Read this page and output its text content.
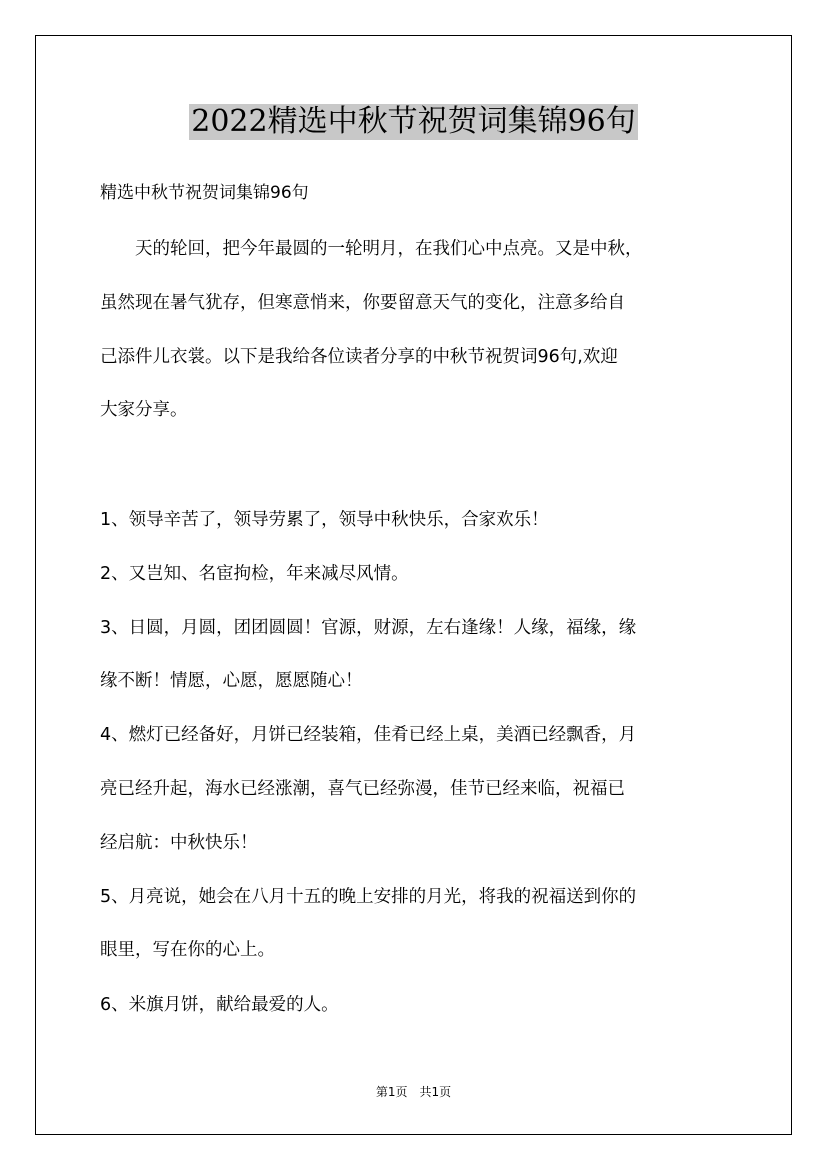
2022精选中秋节祝贺词集锦96句
精选中秋节祝贺词集锦96句
　　天的轮回，把今年最圆的一轮明月，在我们心中点亮。又是中秋，
虽然现在暑气犹存，但寒意悄来，你要留意天气的变化，注意多给自
己添件儿衣裳。以下是我给各位读者分享的中秋节祝贺词96句,欢迎
大家分享。
1、领导辛苦了，领导劳累了，领导中秋快乐，合家欢乐！
2、又岂知、名宦拘检，年来减尽风情。
3、日圆，月圆，团团圆圆！官源，财源，左右逢缘！人缘，福缘，缘
缘不断！情愿，心愿，愿愿随心！
4、燃灯已经备好，月饼已经装箱，佳肴已经上桌，美酒已经飘香，月
亮已经升起，海水已经涨潮，喜气已经弥漫，佳节已经来临，祝福已
经启航：中秋快乐！
5、月亮说，她会在八月十五的晚上安排的月光，将我的祝福送到你的
眼里，写在你的心上。
6、米旗月饼，献给最爱的人。
第1页　共1页
